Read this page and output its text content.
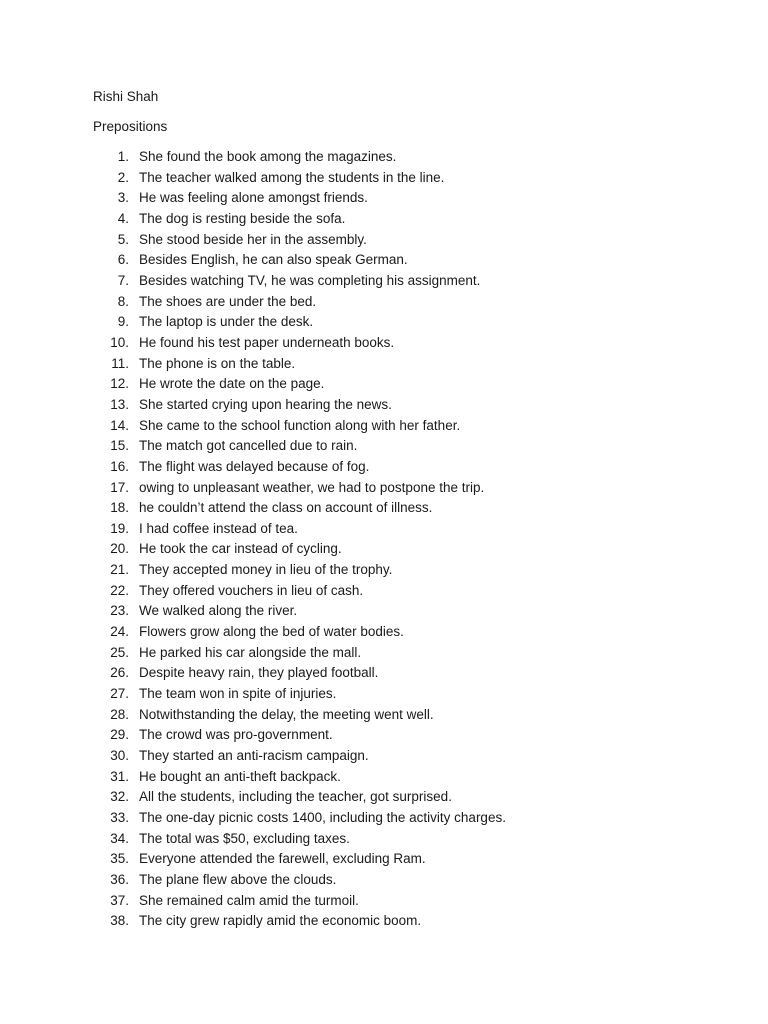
Rishi Shah
Prepositions
1. She found the book among the magazines.
2. The teacher walked among the students in the line.
3. He was feeling alone amongst friends.
4. The dog is resting beside the sofa.
5. She stood beside her in the assembly.
6. Besides English, he can also speak German.
7. Besides watching TV, he was completing his assignment.
8. The shoes are under the bed.
9. The laptop is under the desk.
10. He found his test paper underneath books.
11. The phone is on the table.
12. He wrote the date on the page.
13. She started crying upon hearing the news.
14. She came to the school function along with her father.
15. The match got cancelled due to rain.
16. The flight was delayed because of fog.
17. owing to unpleasant weather, we had to postpone the trip.
18. he couldn’t attend the class on account of illness.
19. I had coffee instead of tea.
20. He took the car instead of cycling.
21. They accepted money in lieu of the trophy.
22. They offered vouchers in lieu of cash.
23. We walked along the river.
24. Flowers grow along the bed of water bodies.
25. He parked his car alongside the mall.
26. Despite heavy rain, they played football.
27. The team won in spite of injuries.
28. Notwithstanding the delay, the meeting went well.
29. The crowd was pro-government.
30. They started an anti-racism campaign.
31. He bought an anti-theft backpack.
32. All the students, including the teacher, got surprised.
33. The one-day picnic costs 1400, including the activity charges.
34. The total was $50, excluding taxes.
35. Everyone attended the farewell, excluding Ram.
36. The plane flew above the clouds.
37. She remained calm amid the turmoil.
38. The city grew rapidly amid the economic boom.
